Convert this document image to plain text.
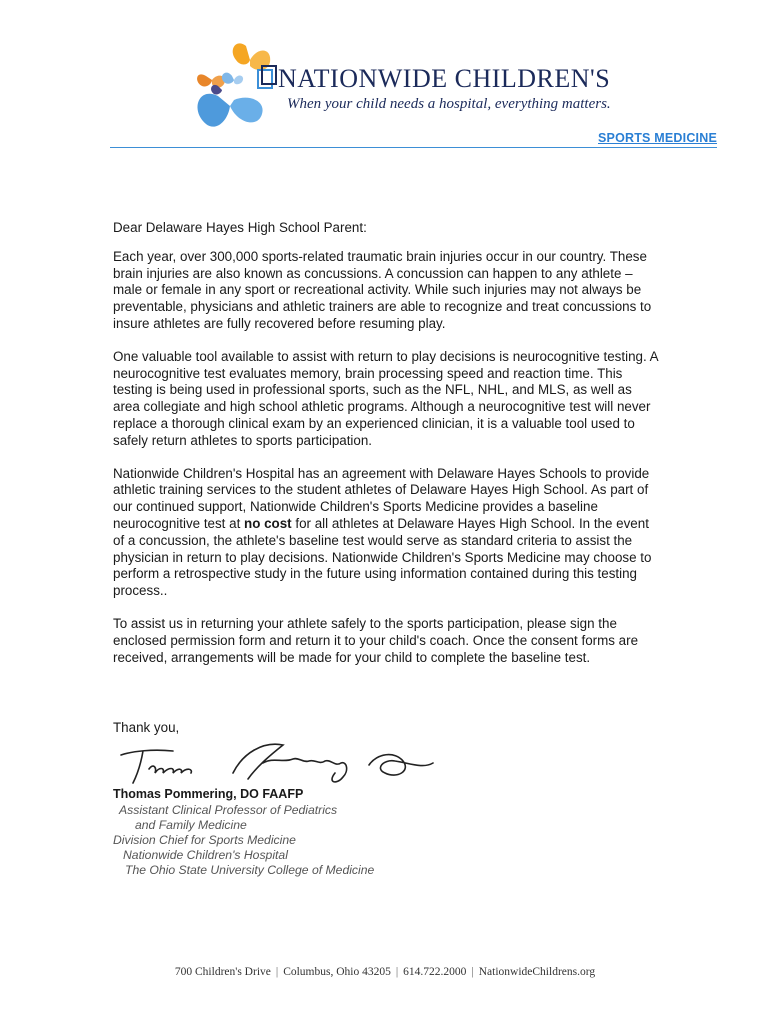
NATIONWIDE CHILDREN'S
When your child needs a hospital, everything matters.
SPORTS MEDICINE

Dear Delaware Hayes High School Parent:

Each year, over 300,000 sports-related traumatic brain injuries occur in our country. These brain injuries are also known as concussions. A concussion can happen to any athlete – male or female in any sport or recreational activity. While such injuries may not always be preventable, physicians and athletic trainers are able to recognize and treat concussions to insure athletes are fully recovered before resuming play.

One valuable tool available to assist with return to play decisions is neurocognitive testing. A neurocognitive test evaluates memory, brain processing speed and reaction time. This testing is being used in professional sports, such as the NFL, NHL, and MLS, as well as area collegiate and high school athletic programs. Although a neurocognitive test will never replace a thorough clinical exam by an experienced clinician, it is a valuable tool used to safely return athletes to sports participation.

Nationwide Children's Hospital has an agreement with Delaware Hayes Schools to provide athletic training services to the student athletes of Delaware Hayes High School. As part of our continued support, Nationwide Children's Sports Medicine provides a baseline neurocognitive test at no cost for all athletes at Delaware Hayes High School. In the event of a concussion, the athlete's baseline test would serve as standard criteria to assist the physician in return to play decisions. Nationwide Children's Sports Medicine may choose to perform a retrospective study in the future using information contained during this testing process..

To assist us in returning your athlete safely to the sports participation, please sign the enclosed permission form and return it to your child's coach. Once the consent forms are received, arrangements will be made for your child to complete the baseline test.

Thank you,
Thomas Pommering, DO FAAFP
Assistant Clinical Professor of Pediatrics
and Family Medicine
Division Chief for Sports Medicine
Nationwide Children's Hospital
The Ohio State University College of Medicine
700 Children's Drive | Columbus, Ohio 43205 | 614.722.2000 | NationwideChildrens.org
